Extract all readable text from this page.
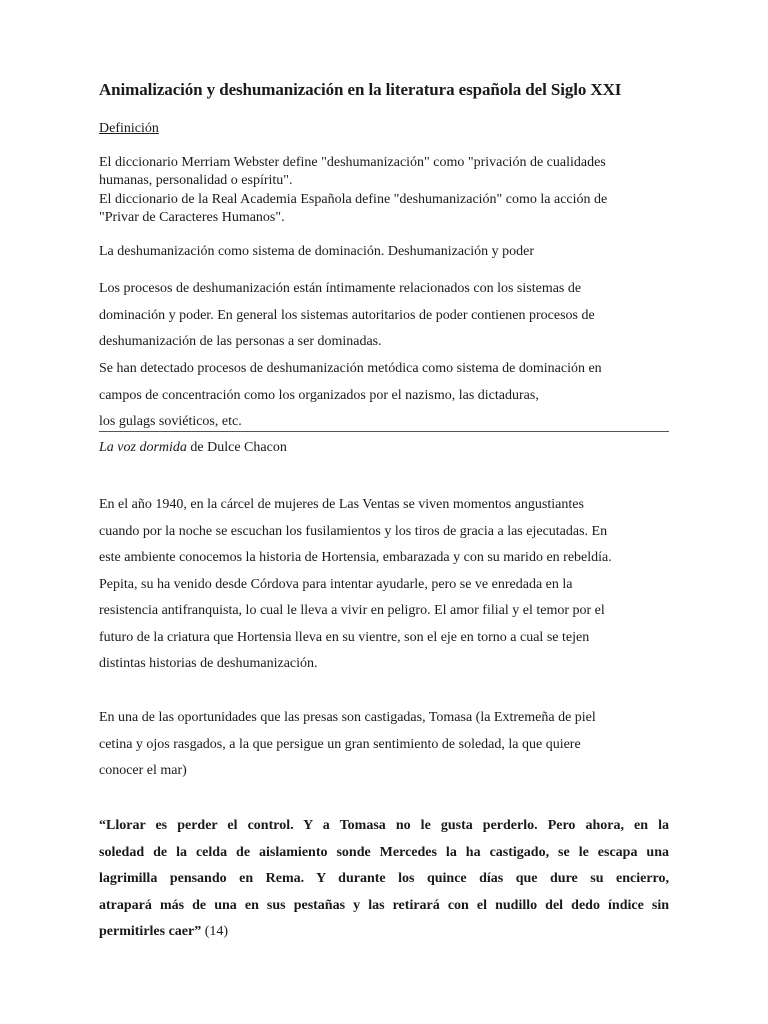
Animalización y deshumanización en la literatura española del Siglo XXI
Definición
El diccionario Merriam Webster define "deshumanización" como "privación de cualidades
humanas, personalidad o espíritu".
El diccionario de la Real Academia Española define "deshumanización" como la acción de
"Privar de Caracteres Humanos".
La deshumanización como sistema de dominación. Deshumanización y poder
Los procesos de deshumanización están íntimamente relacionados con los sistemas de
dominación y poder. En general los sistemas autoritarios de poder contienen procesos de
deshumanización de las personas a ser dominadas.
Se han detectado procesos de deshumanización metódica como sistema de dominación en
campos de concentración como los organizados por el nazismo, las dictaduras,
los gulags soviéticos, etc.
La voz dormida de Dulce Chacon
En el año 1940, en la cárcel de mujeres de Las Ventas se viven momentos angustiantes
cuando por la noche se escuchan los fusilamientos y los tiros de gracia a las ejecutadas. En
este ambiente conocemos la historia de Hortensia, embarazada y con su marido en rebeldía.
Pepita, su ha venido desde Córdova para intentar ayudarle, pero se ve enredada en la
resistencia antifranquista, lo cual le lleva a vivir en peligro. El amor filial y el temor por el
futuro de la criatura que Hortensia lleva en su vientre, son el eje en torno a cual se tejen
distintas historias de deshumanización.
En una de las oportunidades que las presas son castigadas, Tomasa (la Extremeña de piel
cetina y ojos rasgados, a la que persigue un gran sentimiento de soledad, la que quiere
conocer el mar)
“Llorar es perder el control. Y a Tomasa no le gusta perderlo. Pero ahora, en la
soledad de la celda de aislamiento sonde Mercedes la ha castigado, se le escapa una
lagrimilla pensando en Rema. Y durante los quince días que dure su encierro,
atrapará más de una en sus pestañas y las retirará con el nudillo del dedo índice sin
permitirles caer” (14)
